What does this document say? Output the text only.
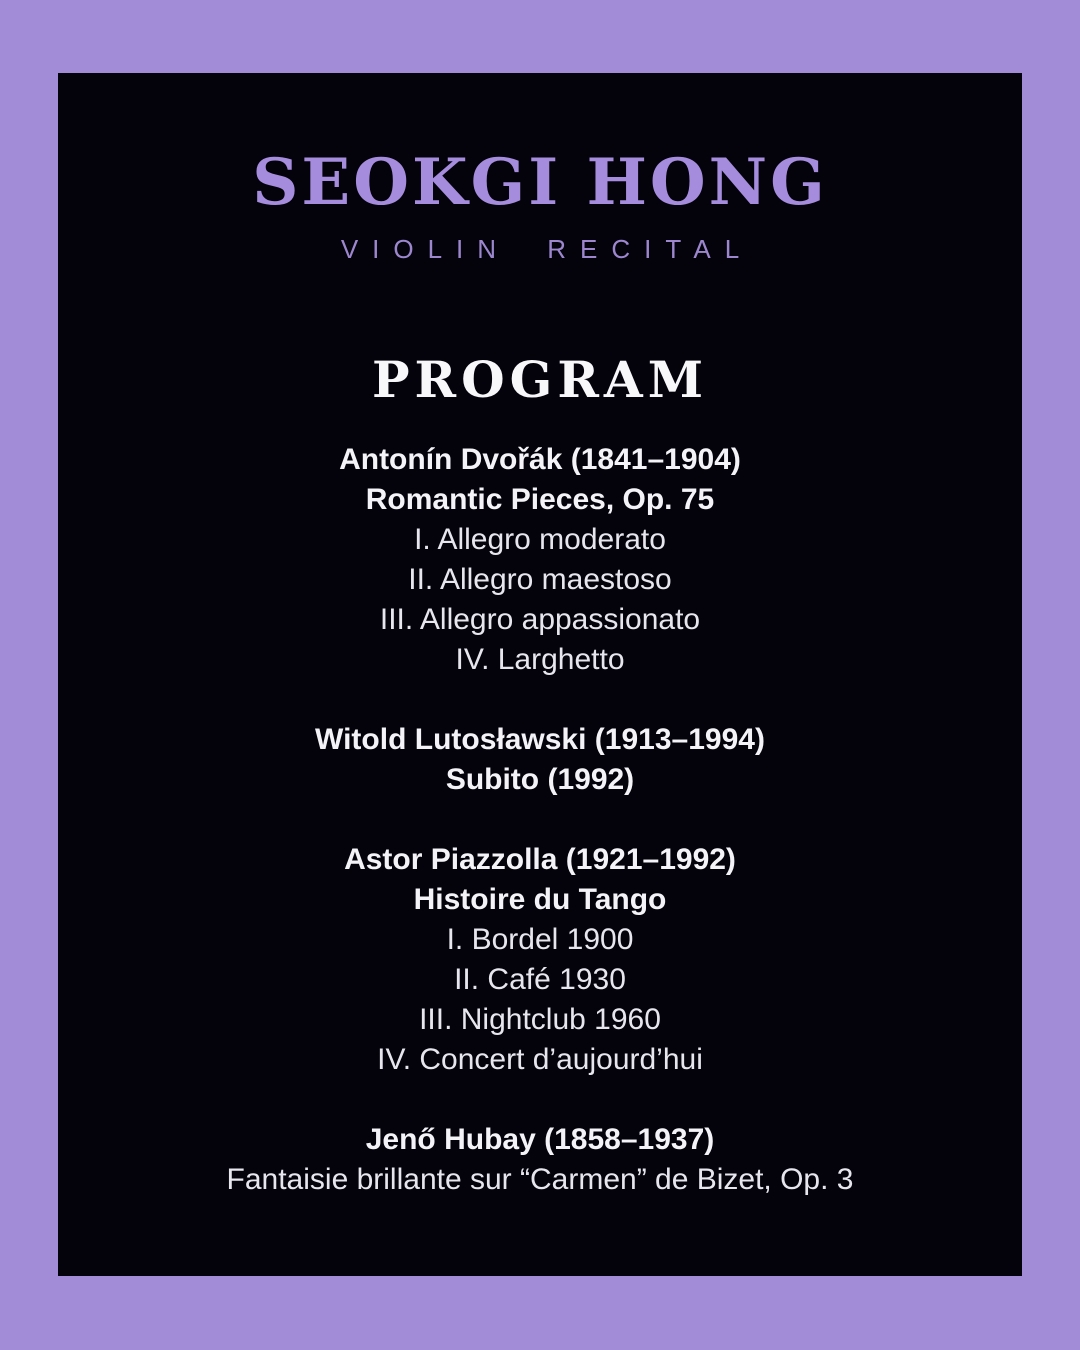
SEOKGI HONG
VIOLIN RECITAL
PROGRAM
Antonín Dvořák (1841–1904)
Romantic Pieces, Op. 75
I. Allegro moderato
II. Allegro maestoso
III. Allegro appassionato
IV. Larghetto
Witold Lutosławski (1913–1994)
Subito (1992)
Astor Piazzolla (1921–1992)
Histoire du Tango
I. Bordel 1900
II. Café 1930
III. Nightclub 1960
IV. Concert d’aujourd’hui
Jenő Hubay (1858–1937)
Fantaisie brillante sur “Carmen” de Bizet, Op. 3
